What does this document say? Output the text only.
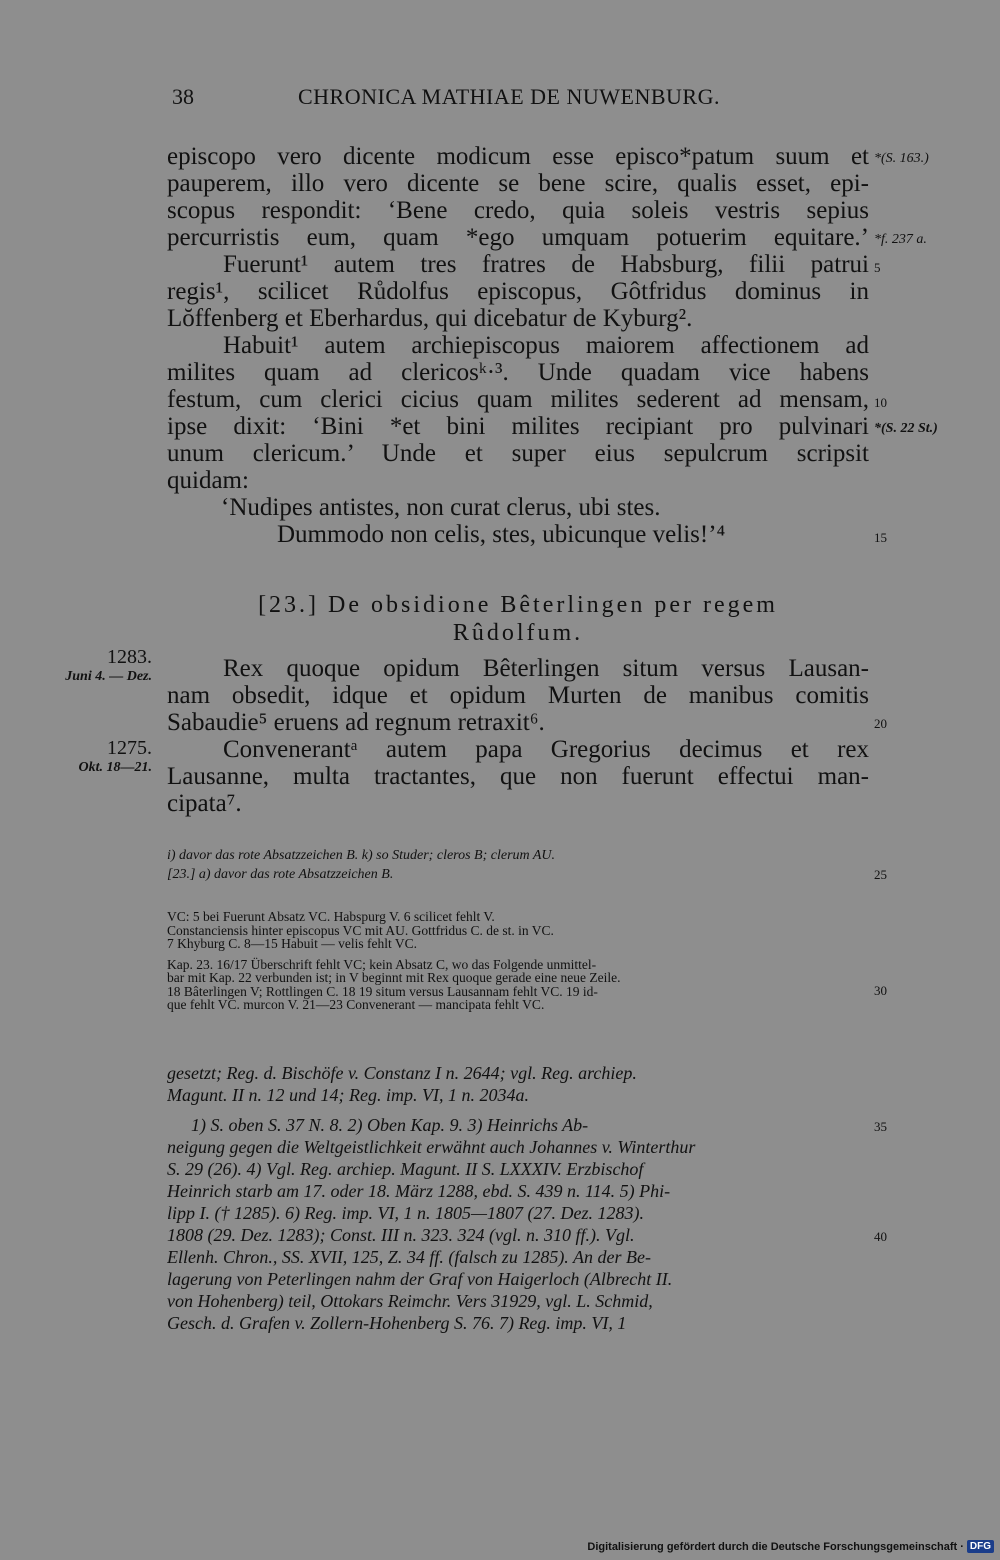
38	CHRONICA MATHIAE DE NUWENBURG.
episcopo vero dicente modicum esse episco*patum suum et
pauperem, illo vero dicente se bene scire, qualis esset, epi-
scopus respondit: ‘Bene credo, quia soleis vestris sepius
percurristis eum, quam *ego umquam potuerim equitare.’
Fuerunt¹ autem tres fratres de Habsburg, filii patrui
regis¹, scilicet Růdolfus episcopus, Gôtfridus dominus in
Lŏffenberg et Eberhardus, qui dicebatur de Kyburg².
Habuit¹ autem archiepiscopus maiorem affectionem ad
milites quam ad clericosᵏ·³. Unde quadam vice habens
festum, cum clerici cicius quam milites sederent ad mensam,
ipse dixit: ‘Bini *et bini milites recipiant pro pulvinari
unum clericum.’ Unde et super eius sepulcrum scripsit
quidam:
‘Nudipes antistes, non curat clerus, ubi stes.
Dummodo non celis, stes, ubicunque velis!’⁴
*(S. 163.)
*f. 237 a.
*(S. 22 St.)
5
10
15
20
25
30
35
40
[23.] De obsidione Bêterlingen per regem
Rûdolfum.
Rex quoque opidum Bêterlingen situm versus Lausan-
nam obsedit, idque et opidum Murten de manibus comitis
Sabaudie⁵ eruens ad regnum retraxit⁶.
Convenerantᵃ autem papa Gregorius decimus et rex
Lausanne, multa tractantes, que non fuerunt effectui man-
cipata⁷.
1283.
Juni 4. — Dez.
1275.
Okt. 18—21.
i) davor das rote Absatzzeichen B. k) so Studer; cleros B; clerum AU.
[23.] a) davor das rote Absatzzeichen B.
VC: 5 bei Fuerunt Absatz VC. Habspurg V. 6 scilicet fehlt V.
Constanciensis hinter episcopus VC mit AU. Gottfridus C. de st. in VC.
7 Khyburg C. 8—15 Habuit — velis fehlt VC.
Kap. 23. 16/17 Überschrift fehlt VC; kein Absatz C, wo das Folgende unmittel-
bar mit Kap. 22 verbunden ist; in V beginnt mit Rex quoque gerade eine neue Zeile.
18 Bâterlingen V; Rottlingen C. 18 19 situm versus Lausannam fehlt VC. 19 id-
que fehlt VC. murcon V. 21—23 Convenerant — mancipata fehlt VC.
gesetzt; Reg. d. Bischöfe v. Constanz I n. 2644; vgl. Reg. archiep.
Magunt. II n. 12 und 14; Reg. imp. VI, 1 n. 2034a.
1) S. oben S. 37 N. 8. 2) Oben Kap. 9. 3) Heinrichs Ab-
neigung gegen die Weltgeistlichkeit erwähnt auch Johannes v. Winterthur
S. 29 (26). 4) Vgl. Reg. archiep. Magunt. II S. LXXXIV. Erzbischof
Heinrich starb am 17. oder 18. März 1288, ebd. S. 439 n. 114. 5) Phi-
lipp I. († 1285). 6) Reg. imp. VI, 1 n. 1805—1807 (27. Dez. 1283).
1808 (29. Dez. 1283); Const. III n. 323. 324 (vgl. n. 310 ff.). Vgl.
Ellenh. Chron., SS. XVII, 125, Z. 34 ff. (falsch zu 1285). An der Be-
lagerung von Peterlingen nahm der Graf von Haigerloch (Albrecht II.
von Hohenberg) teil, Ottokars Reimchr. Vers 31929, vgl. L. Schmid,
Gesch. d. Grafen v. Zollern-Hohenberg S. 76. 7) Reg. imp. VI, 1
Digitalisierung gefördert durch die Deutsche Forschungsgemeinschaft · DFG
